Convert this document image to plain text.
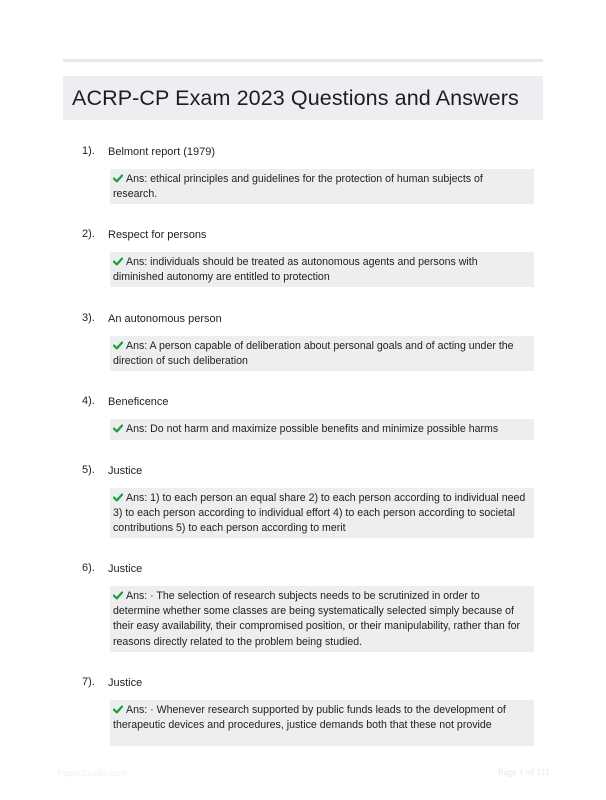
ACRP-CP Exam 2023 Questions and Answers
1). Belmont report (1979)
Ans: ethical principles and guidelines for the protection of human subjects of research.
2). Respect for persons
Ans: individuals should be treated as autonomous agents and persons with diminished autonomy are entitled to protection
3). An autonomous person
Ans: A person capable of deliberation about personal goals and of acting under the direction of such deliberation
4). Beneficence
Ans: Do not harm and maximize possible benefits and minimize possible harms
5). Justice
Ans: 1) to each person an equal share 2) to each person according to individual need 3) to each person according to individual effort 4) to each person according to societal contributions 5) to each person according to merit
6). Justice
Ans: · The selection of research subjects needs to be scrutinized in order to determine whether some classes are being systematically selected simply because of their easy availability, their compromised position, or their manipulability, rather than for reasons directly related to the problem being studied.
7). Justice
Ans: · Whenever research supported by public funds leads to the development of therapeutic devices and procedures, justice demands both that these not provide
PaperStudio.com	Page 1 of 111
